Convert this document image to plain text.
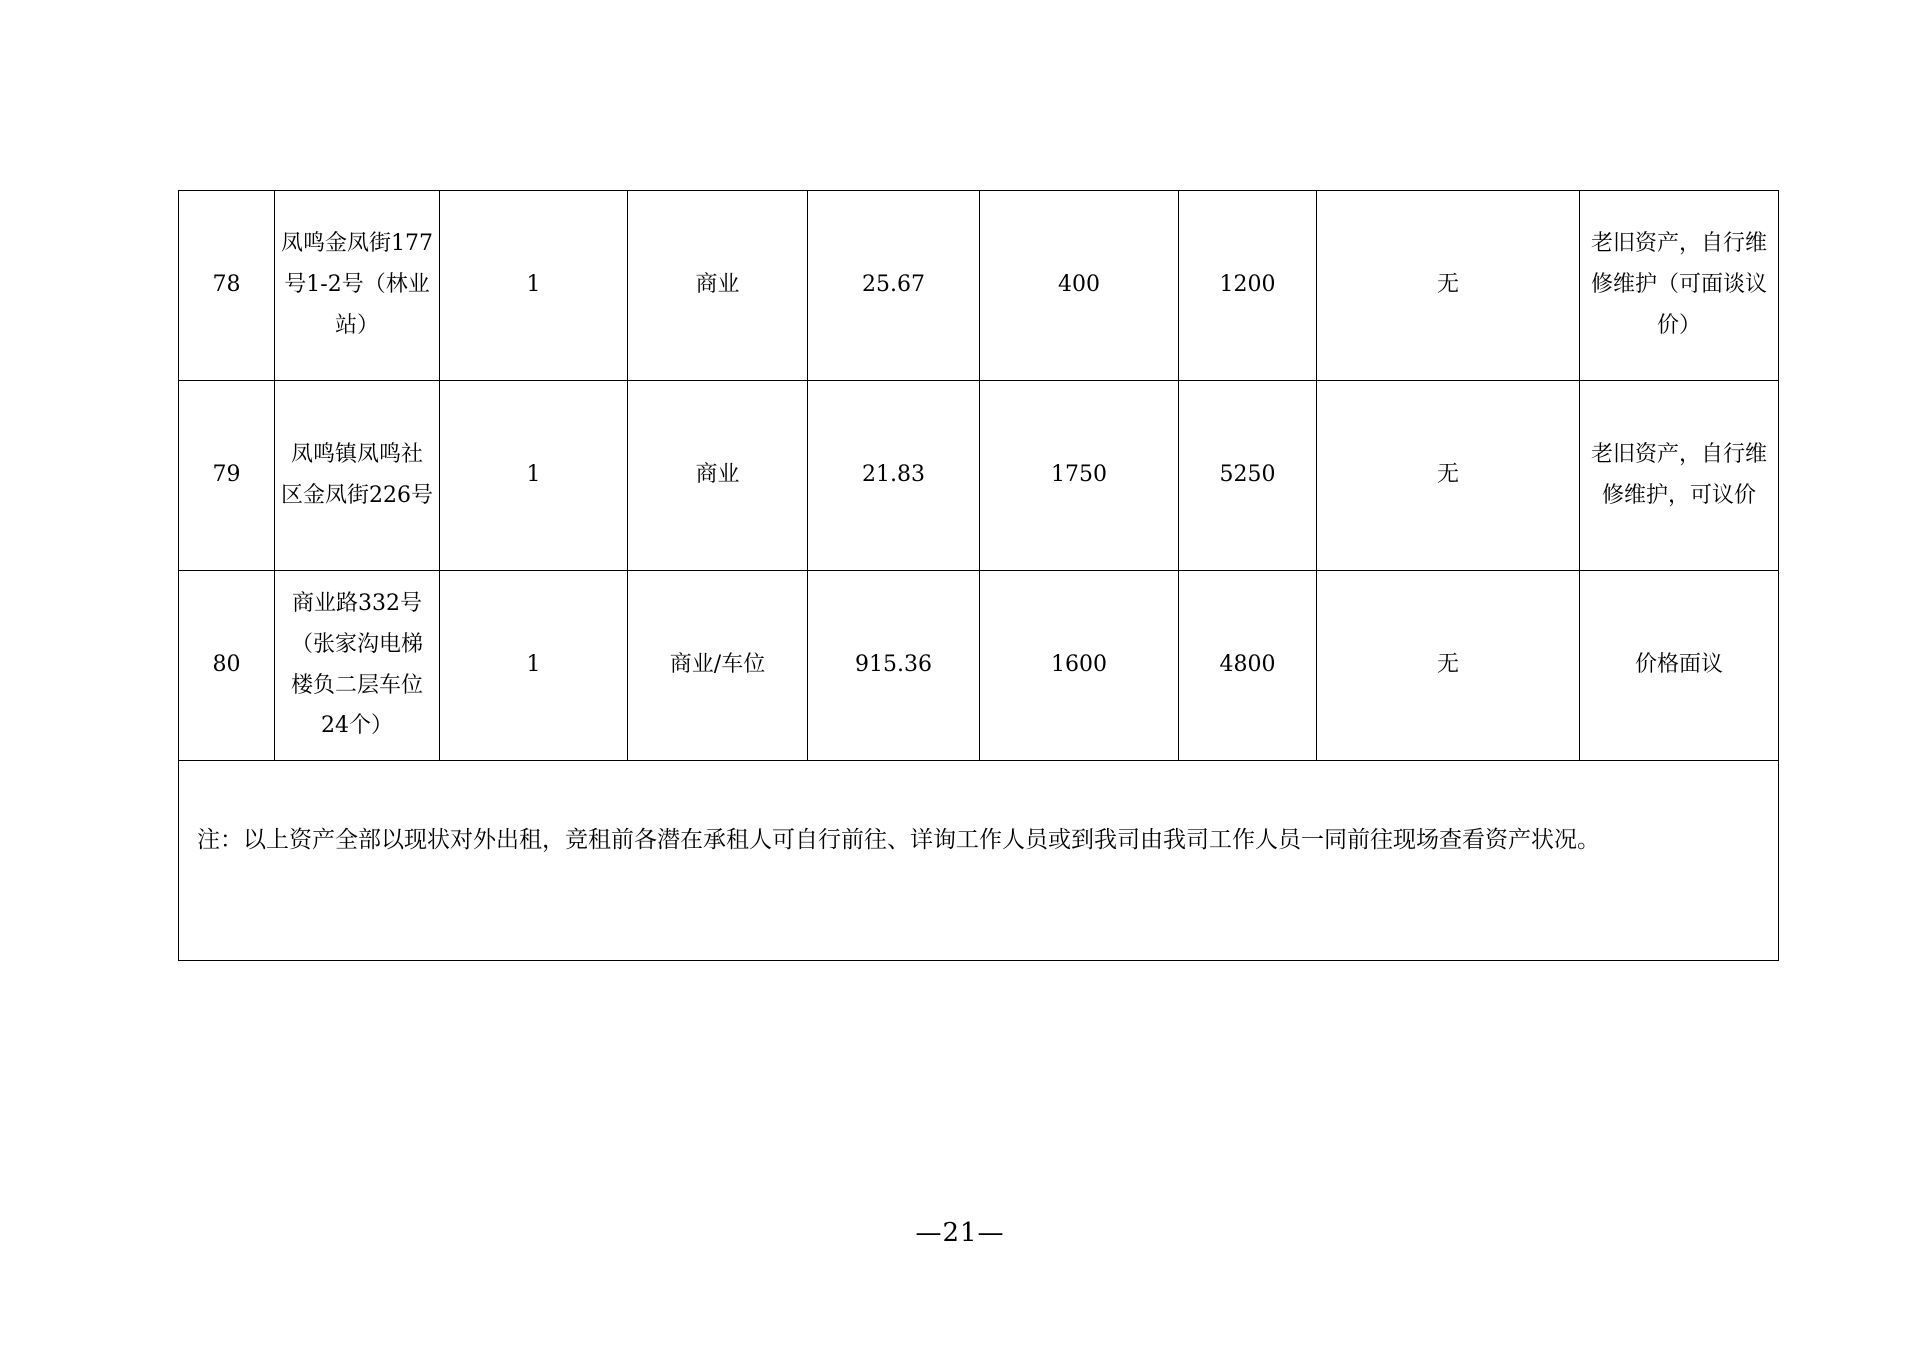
78	凤鸣金凤街177号1-2号（林业站）	1	商业	25.67	400	1200	无	老旧资产，自行维修维护（可面谈议价）
79	凤鸣镇凤鸣社区金凤街226号	1	商业	21.83	1750	5250	无	老旧资产，自行维修维护，可议价
80	商业路332号（张家沟电梯楼负二层车位24个）	1	商业/车位	915.36	1600	4800	无	价格面议

注：以上资产全部以现状对外出租，竞租前各潜在承租人可自行前往、详询工作人员或到我司由我司工作人员一同前往现场查看资产状况。								
—21—
